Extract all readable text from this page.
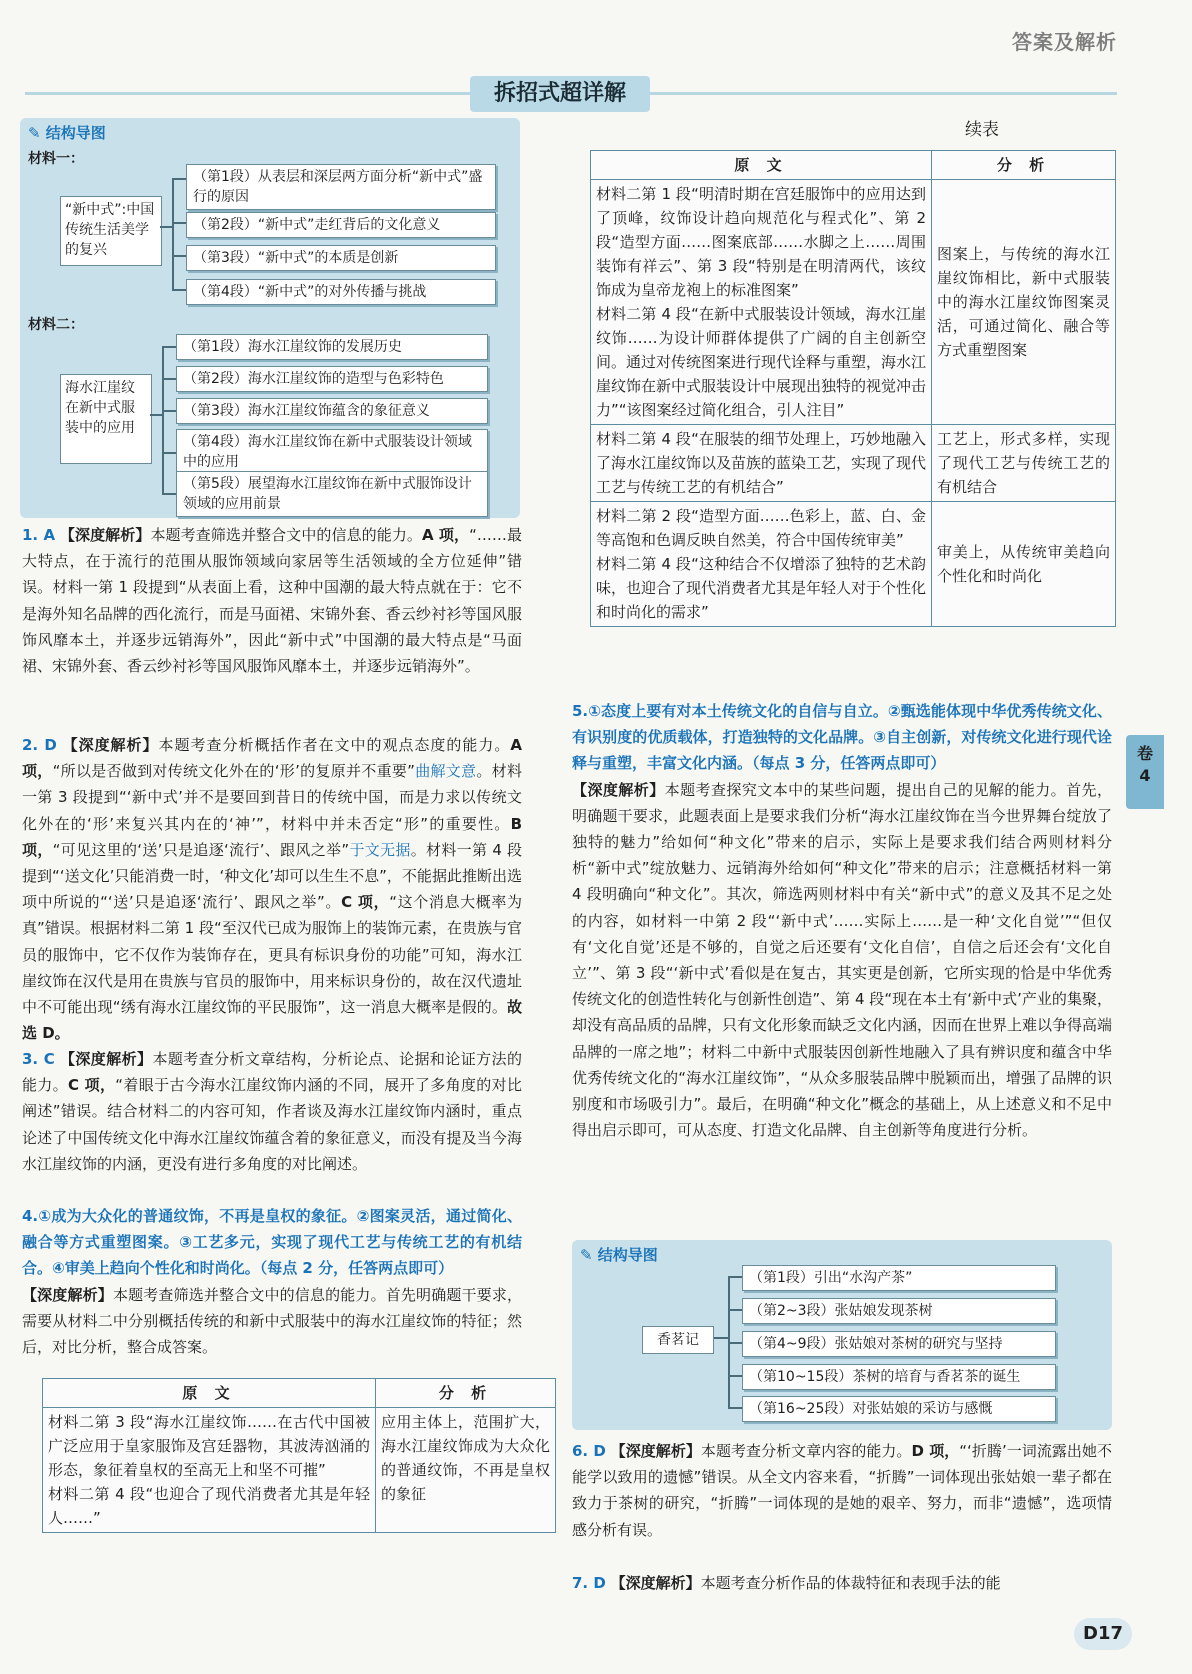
答案及解析
拆招式超详解
✎ 结构导图
材料一：
“新中式”:中国传统生活美学的复兴
（第1段）从表层和深层两方面分析“新中式”盛行的原因
（第2段）“新中式”走红背后的文化意义
（第3段）“新中式”的本质是创新
（第4段）“新中式”的对外传播与挑战
材料二：
海水江崖纹在新中式服装中的应用
（第1段）海水江崖纹饰的发展历史
（第2段）海水江崖纹饰的造型与色彩特色
（第3段）海水江崖纹饰蕴含的象征意义
（第4段）海水江崖纹饰在新中式服装设计领域中的应用
（第5段）展望海水江崖纹饰在新中式服饰设计领域的应用前景
1. A 【深度解析】本题考查筛选并整合文中的信息的能力。A 项，“……最大特点，在于流行的范围从服饰领域向家居等生活领域的全方位延伸”错误。材料一第 1 段提到“从表面上看，这种中国潮的最大特点就在于：它不是海外知名品牌的西化流行，而是马面裙、宋锦外套、香云纱衬衫等国风服饰风靡本土，并逐步远销海外”，因此“新中式”中国潮的最大特点是“马面裙、宋锦外套、香云纱衬衫等国风服饰风靡本土，并逐步远销海外”。
2. D 【深度解析】本题考查分析概括作者在文中的观点态度的能力。A 项，“所以是否做到对传统文化外在的‘形’的复原并不重要”曲解文意。材料一第 3 段提到“‘新中式’并不是要回到昔日的传统中国，而是力求以传统文化外在的‘形’来复兴其内在的‘神’”，材料中并未否定“形”的重要性。B 项，“可见这里的‘送’只是追逐‘流行’、跟风之举”于文无据。材料一第 4 段提到“‘送文化’只能消费一时，‘种文化’却可以生生不息”，不能据此推断出选项中所说的“‘送’只是追逐‘流行’、跟风之举”。C 项，“这个消息大概率为真”错误。根据材料二第 1 段“至汉代已成为服饰上的装饰元素，在贵族与官员的服饰中，它不仅作为装饰存在，更具有标识身份的功能”可知，海水江崖纹饰在汉代是用在贵族与官员的服饰中，用来标识身份的，故在汉代遗址中不可能出现“绣有海水江崖纹饰的平民服饰”，这一消息大概率是假的。故选 D。
3. C 【深度解析】本题考查分析文章结构，分析论点、论据和论证方法的能力。C 项，“着眼于古今海水江崖纹饰内涵的不同，展开了多角度的对比阐述”错误。结合材料二的内容可知，作者谈及海水江崖纹饰内涵时，重点论述了中国传统文化中海水江崖纹饰蕴含着的象征意义，而没有提及当今海水江崖纹饰的内涵，更没有进行多角度的对比阐述。
4.①成为大众化的普通纹饰，不再是皇权的象征。②图案灵活，通过简化、融合等方式重塑图案。③工艺多元，实现了现代工艺与传统工艺的有机结合。④审美上趋向个性化和时尚化。（每点 2 分，任答两点即可）
【深度解析】本题考查筛选并整合文中的信息的能力。首先明确题干要求，需要从材料二中分别概括传统的和新中式服装中的海水江崖纹饰的特征；然后，对比分析，整合成答案。
原 文	分 析
材料二第 3 段“海水江崖纹饰……在古代中国被广泛应用于皇家服饰及宫廷器物，其波涛汹涌的形态，象征着皇权的至高无上和坚不可摧”
材料二第 4 段“也迎合了现代消费者尤其是年轻人……”	应用主体上，范围扩大，海水江崖纹饰成为大众化的普通纹饰，不再是皇权的象征
续表
原 文	分 析
材料二第 1 段“明清时期在宫廷服饰中的应用达到了顶峰，纹饰设计趋向规范化与程式化”、第 2 段“造型方面……图案底部……水脚之上……周围装饰有祥云”、第 3 段“特别是在明清两代，该纹饰成为皇帝龙袍上的标准图案”
材料二第 4 段“在新中式服装设计领域，海水江崖纹饰……为设计师群体提供了广阔的自主创新空间。通过对传统图案进行现代诠释与重塑，海水江崖纹饰在新中式服装设计中展现出独特的视觉冲击力”“该图案经过简化组合，引人注目”	图案上，与传统的海水江崖纹饰相比，新中式服装中的海水江崖纹饰图案灵活，可通过简化、融合等方式重塑图案
材料二第 4 段“在服装的细节处理上，巧妙地融入了海水江崖纹饰以及苗族的蓝染工艺，实现了现代工艺与传统工艺的有机结合”	工艺上，形式多样，实现了现代工艺与传统工艺的有机结合
材料二第 2 段“造型方面……色彩上，蓝、白、金等高饱和色调反映自然美，符合中国传统审美”
材料二第 4 段“这种结合不仅增添了独特的艺术韵味，也迎合了现代消费者尤其是年轻人对于个性化和时尚化的需求”	审美上，从传统审美趋向个性化和时尚化
5.①态度上要有对本土传统文化的自信与自立。②甄选能体现中华优秀传统文化、有识别度的优质载体，打造独特的文化品牌。③自主创新，对传统文化进行现代诠释与重塑，丰富文化内涵。（每点 3 分，任答两点即可）
【深度解析】本题考查探究文本中的某些问题，提出自己的见解的能力。首先，明确题干要求，此题表面上是要求我们分析“海水江崖纹饰在当今世界舞台绽放了独特的魅力”给如何“种文化”带来的启示，实际上是要求我们结合两则材料分析“新中式”绽放魅力、远销海外给如何“种文化”带来的启示；注意概括材料一第 4 段明确向“种文化”。其次，筛选两则材料中有关“新中式”的意义及其不足之处的内容，如材料一中第 2 段“‘新中式’……实际上……是一种‘文化自觉’”“但仅有‘文化自觉’还是不够的，自觉之后还要有‘文化自信’，自信之后还会有‘文化自立’”、第 3 段“‘新中式’看似是在复古，其实更是创新，它所实现的恰是中华优秀传统文化的创造性转化与创新性创造”、第 4 段“现在本土有‘新中式’产业的集聚，却没有高品质的品牌，只有文化形象而缺乏文化内涵，因而在世界上难以争得高端品牌的一席之地”；材料二中新中式服装因创新性地融入了具有辨识度和蕴含中华优秀传统文化的“海水江崖纹饰”，“从众多服装品牌中脱颖而出，增强了品牌的识别度和市场吸引力”。最后，在明确“种文化”概念的基础上，从上述意义和不足中得出启示即可，可从态度、打造文化品牌、自主创新等角度进行分析。
✎ 结构导图
香茗记
（第1段）引出“水沟产茶”
（第2~3段）张姑娘发现茶树
（第4~9段）张姑娘对茶树的研究与坚持
（第10~15段）茶树的培育与香茗茶的诞生
（第16~25段）对张姑娘的采访与感慨
6. D 【深度解析】本题考查分析文章内容的能力。D 项，“‘折腾’一词流露出她不能学以致用的遗憾”错误。从全文内容来看，“折腾”一词体现出张姑娘一辈子都在致力于茶树的研究，“折腾”一词体现的是她的艰辛、努力，而非“遗憾”，选项情感分析有误。
7. D 【深度解析】本题考查分析作品的体裁特征和表现手法的能
卷
4
D17
